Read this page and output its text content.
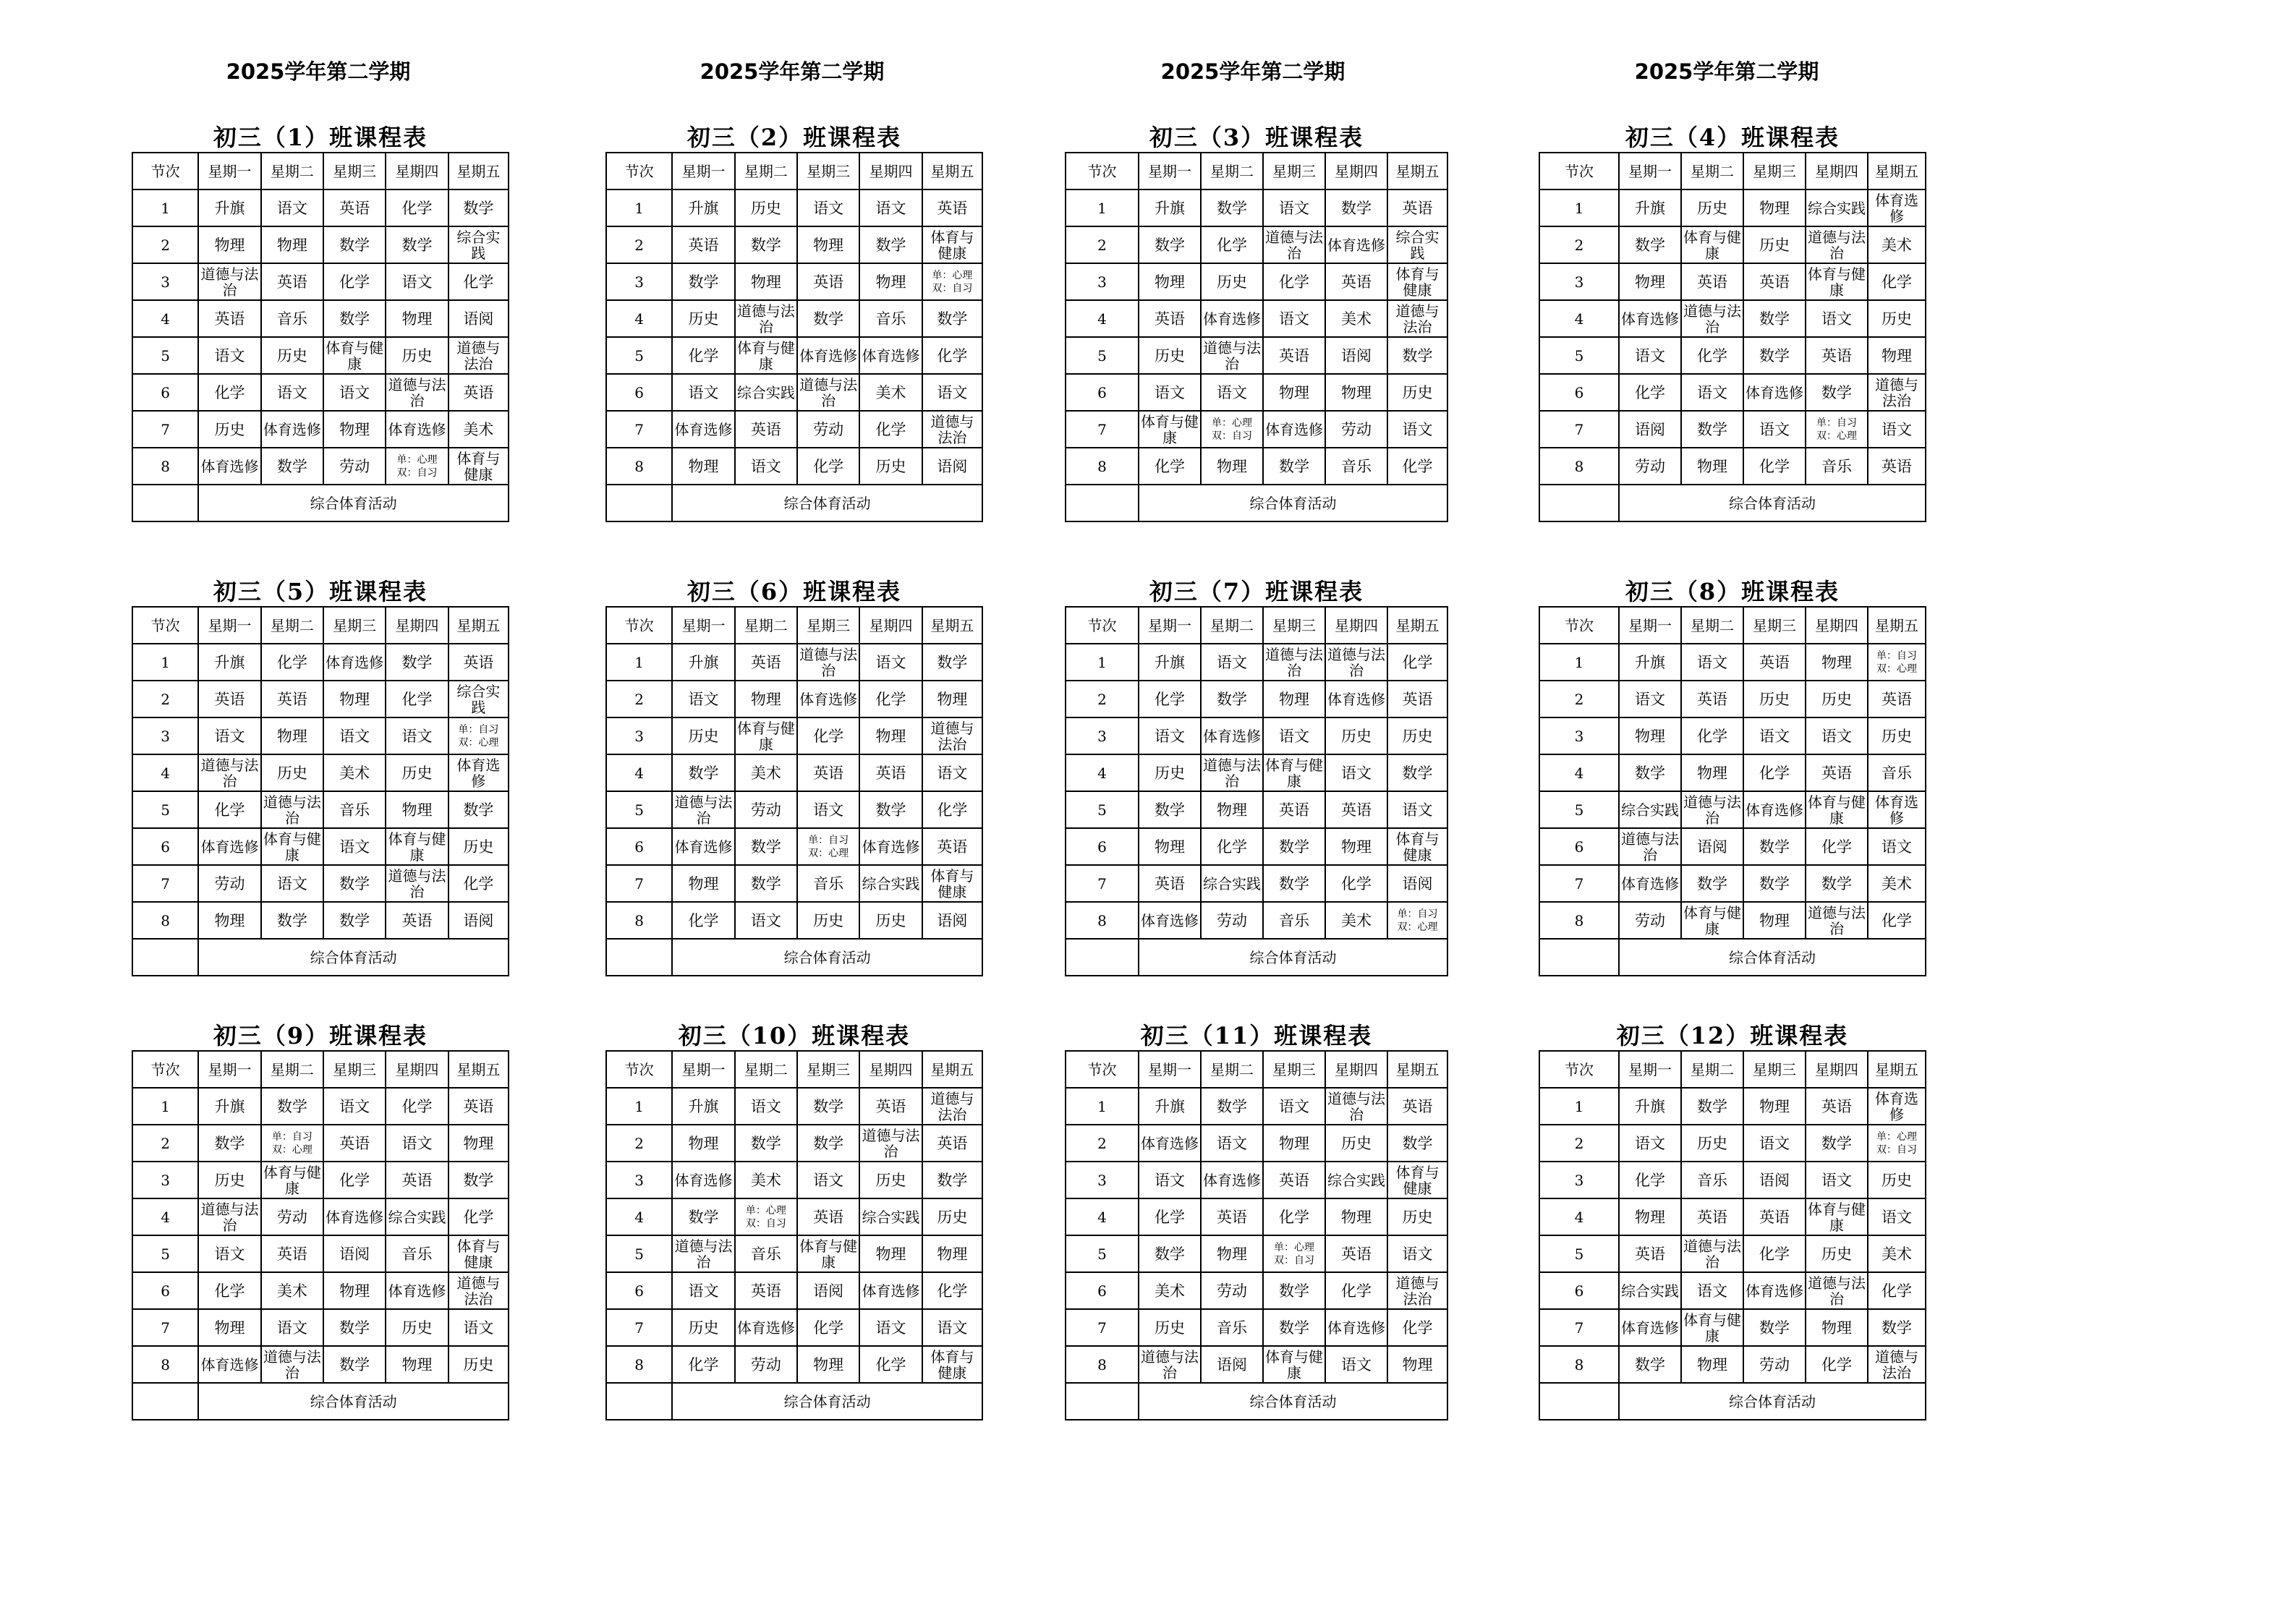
2025学年第二学期	2025学年第二学期	2025学年第二学期	2025学年第二学期
初三（1）班课程表
节次	星期一	星期二	星期三	星期四	星期五
1	升旗	语文	英语	化学	数学
2	物理	物理	数学	数学	综合实践
3	道德与法治	英语	化学	语文	化学
4	英语	音乐	数学	物理	语阅
5	语文	历史	体育与健康	历史	道德与法治
6	化学	语文	语文	道德与法治	英语
7	历史	体育选修	物理	体育选修	美术
8	体育选修	数学	劳动	单：心理双：自习	体育与健康
	综合体育活动				
初三（2）班课程表
节次	星期一	星期二	星期三	星期四	星期五
1	升旗	历史	语文	语文	英语
2	英语	数学	物理	数学	体育与健康
3	数学	物理	英语	物理	单：心理双：自习
4	历史	道德与法治	数学	音乐	数学
5	化学	体育与健康	体育选修	体育选修	化学
6	语文	综合实践	道德与法治	美术	语文
7	体育选修	英语	劳动	化学	道德与法治
8	物理	语文	化学	历史	语阅
	综合体育活动				
初三（3）班课程表
节次	星期一	星期二	星期三	星期四	星期五
1	升旗	数学	语文	数学	英语
2	数学	化学	道德与法治	体育选修	综合实践
3	物理	历史	化学	英语	体育与健康
4	英语	体育选修	语文	美术	道德与法治
5	历史	道德与法治	英语	语阅	数学
6	语文	语文	物理	物理	历史
7	体育与健康	单：心理双：自习	体育选修	劳动	语文
8	化学	物理	数学	音乐	化学
	综合体育活动				
初三（4）班课程表
节次	星期一	星期二	星期三	星期四	星期五
1	升旗	历史	物理	综合实践	体育选修
2	数学	体育与健康	历史	道德与法治	美术
3	物理	英语	英语	体育与健康	化学
4	体育选修	道德与法治	数学	语文	历史
5	语文	化学	数学	英语	物理
6	化学	语文	体育选修	数学	道德与法治
7	语阅	数学	语文	单：自习双：心理	语文
8	劳动	物理	化学	音乐	英语
	综合体育活动				
初三（5）班课程表
节次	星期一	星期二	星期三	星期四	星期五
1	升旗	化学	体育选修	数学	英语
2	英语	英语	物理	化学	综合实践
3	语文	物理	语文	语文	单：自习双：心理
4	道德与法治	历史	美术	历史	体育选修
5	化学	道德与法治	音乐	物理	数学
6	体育选修	体育与健康	语文	体育与健康	历史
7	劳动	语文	数学	道德与法治	化学
8	物理	数学	数学	英语	语阅
	综合体育活动				
初三（6）班课程表
节次	星期一	星期二	星期三	星期四	星期五
1	升旗	英语	道德与法治	语文	数学
2	语文	物理	体育选修	化学	物理
3	历史	体育与健康	化学	物理	道德与法治
4	数学	美术	英语	英语	语文
5	道德与法治	劳动	语文	数学	化学
6	体育选修	数学	单：自习双：心理	体育选修	英语
7	物理	数学	音乐	综合实践	体育与健康
8	化学	语文	历史	历史	语阅
	综合体育活动				
初三（7）班课程表
节次	星期一	星期二	星期三	星期四	星期五
1	升旗	语文	道德与法治	道德与法治	化学
2	化学	数学	物理	体育选修	英语
3	语文	体育选修	语文	历史	历史
4	历史	道德与法治	体育与健康	语文	数学
5	数学	物理	英语	英语	语文
6	物理	化学	数学	物理	体育与健康
7	英语	综合实践	数学	化学	语阅
8	体育选修	劳动	音乐	美术	单：自习双：心理
	综合体育活动				
初三（8）班课程表
节次	星期一	星期二	星期三	星期四	星期五
1	升旗	语文	英语	物理	单：自习双：心理
2	语文	英语	历史	历史	英语
3	物理	化学	语文	语文	历史
4	数学	物理	化学	英语	音乐
5	综合实践	道德与法治	体育选修	体育与健康	体育选修
6	道德与法治	语阅	数学	化学	语文
7	体育选修	数学	数学	数学	美术
8	劳动	体育与健康	物理	道德与法治	化学
	综合体育活动				
初三（9）班课程表
节次	星期一	星期二	星期三	星期四	星期五
1	升旗	数学	语文	化学	英语
2	数学	单：自习双：心理	英语	语文	物理
3	历史	体育与健康	化学	英语	数学
4	道德与法治	劳动	体育选修	综合实践	化学
5	语文	英语	语阅	音乐	体育与健康
6	化学	美术	物理	体育选修	道德与法治
7	物理	语文	数学	历史	语文
8	体育选修	道德与法治	数学	物理	历史
	综合体育活动				
初三（10）班课程表
节次	星期一	星期二	星期三	星期四	星期五
1	升旗	语文	数学	英语	道德与法治
2	物理	数学	数学	道德与法治	英语
3	体育选修	美术	语文	历史	数学
4	数学	单：心理双：自习	英语	综合实践	历史
5	道德与法治	音乐	体育与健康	物理	物理
6	语文	英语	语阅	体育选修	化学
7	历史	体育选修	化学	语文	语文
8	化学	劳动	物理	化学	体育与健康
	综合体育活动				
初三（11）班课程表
节次	星期一	星期二	星期三	星期四	星期五
1	升旗	数学	语文	道德与法治	英语
2	体育选修	语文	物理	历史	数学
3	语文	体育选修	英语	综合实践	体育与健康
4	化学	英语	化学	物理	历史
5	数学	物理	单：心理双：自习	英语	语文
6	美术	劳动	数学	化学	道德与法治
7	历史	音乐	数学	体育选修	化学
8	道德与法治	语阅	体育与健康	语文	物理
	综合体育活动				
初三（12）班课程表
节次	星期一	星期二	星期三	星期四	星期五
1	升旗	数学	物理	英语	体育选修
2	语文	历史	语文	数学	单：心理双：自习
3	化学	音乐	语阅	语文	历史
4	物理	英语	英语	体育与健康	语文
5	英语	道德与法治	化学	历史	美术
6	综合实践	语文	体育选修	道德与法治	化学
7	体育选修	体育与健康	数学	物理	数学
8	数学	物理	劳动	化学	道德与法治
	综合体育活动				
